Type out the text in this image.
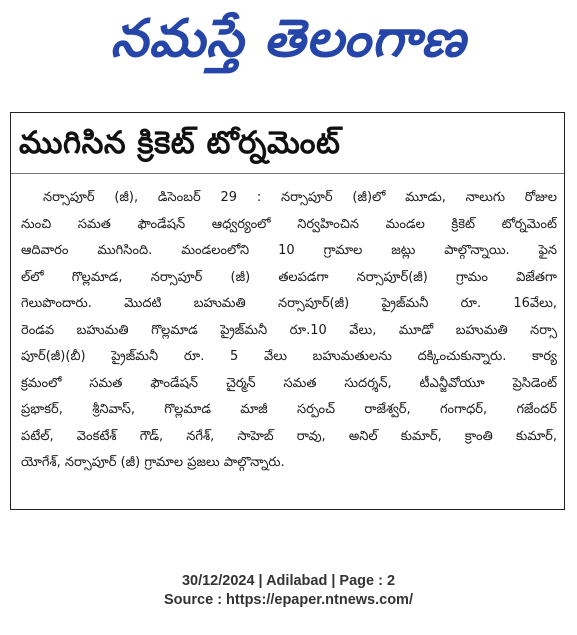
నమస్తే తెలంగాణ
ముగిసిన క్రికెట్ టోర్నమెంట్
నర్సాపూర్ (జీ), డిసెంబర్ 29 : నర్సాపూర్ (జీ)లో మూడు, నాలుగు రోజుల
నుంచి సమత ఫౌండేషన్ ఆధ్వర్యంలో నిర్వహించిన మండల క్రికెట్ టోర్నమెంట్
ఆదివారం ముగిసింది. మండలంలోని 10 గ్రామాల జట్లు పాల్గొన్నాయి. ఫైన
ల్‌లో గొల్లమాడ, నర్సాపూర్ (జీ) తలపడగా నర్సాపూర్(జీ) గ్రామం విజేతగా
గెలుపొందారు. మొదటి బహుమతి నర్సాపూర్(జీ) ప్రైజ్‌మనీ రూ. 16వేలు,
రెండవ బహుమతి గొల్లమాడ ప్రైజ్‌మనీ రూ.10 వేలు, మూడో బహుమతి నర్సా
పూర్(జీ)(బీ) ప్రైజ్‌మనీ రూ. 5 వేలు బహుమతులను దక్కించుకున్నారు. కార్య
క్రమంలో సమత ఫౌండేషన్ చైర్మన్ సమత సుదర్శన్, టీఎన్జీవోయూ ప్రెసిడెంట్
ప్రభాకర్, శ్రీనివాస్, గొల్లమాడ మాజీ సర్పంచ్ రాజేశ్వర్, గంగాధర్, గజేందర్
పటేల్, వెంకటేశ్ గౌడ్, నగేశ్, సాహెబ్ రావు, అనిల్ కుమార్, క్రాంతి కుమార్,
యోగేశ్, నర్సాపూర్ (జీ) గ్రామాల ప్రజలు పాల్గొన్నారు.
30/12/2024 | Adilabad | Page : 2
Source : https://epaper.ntnews.com/
